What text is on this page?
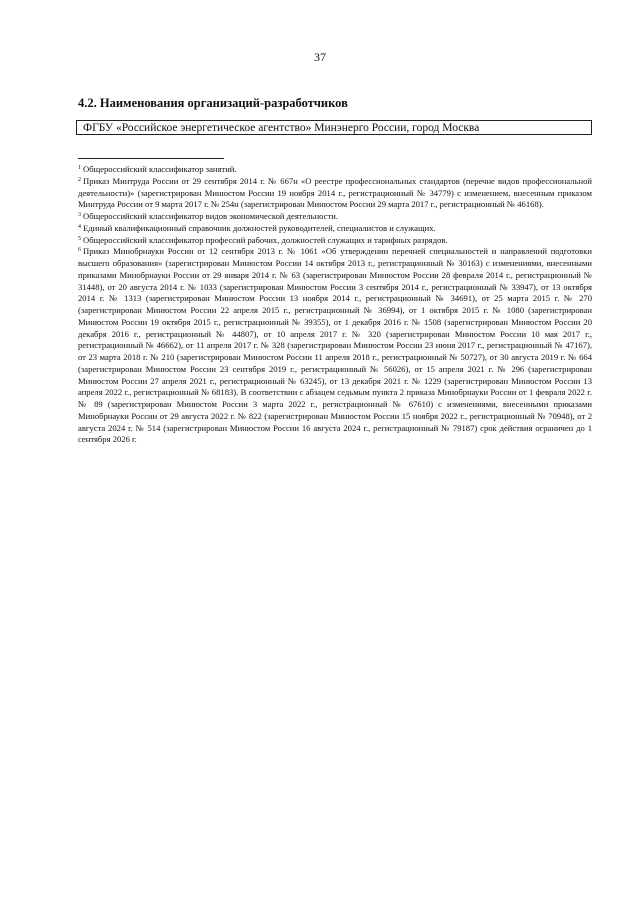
37
4.2. Наименования организаций-разработчиков
ФГБУ «Российское энергетическое агентство» Минэнерго России, город Москва

$^1$ Общероссийский классификатор занятий.

$^2$ Приказ Минтруда России от 29 сентября 2014 г. № 667н «О реестре профессиональных стандартов (перечне видов профессиональной деятельности)» (зарегистрирован Минюстом России 19 ноября 2014 г., регистрационный № 34779) с изменением, внесенным приказом Минтруда России от 9 марта 2017 г. № 254н (зарегистрирован Минюстом России 29 марта 2017 г., регистрационный № 46168).

$^3$ Общероссийский классификатор видов экономической деятельности.

$^4$ Единый квалификационный справочник должностей руководителей, специалистов и служащих.

$^5$ Общероссийский классификатор профессий рабочих, должностей служащих и тарифных разрядов.

$^6$ Приказ Минобрнауки России от 12 сентября 2013 г. № 1061 «Об утверждении перечней специальностей и направлений подготовки высшего образования» (зарегистрирован Минюстом России 14 октября 2013 г., регистрационный № 30163) с изменениями, внесенными приказами Минобрнауки России от 29 января 2014 г. № 63 (зарегистрирован Минюстом России 28 февраля 2014 г., регистрационный № 31448), от 20 августа 2014 г. № 1033 (зарегистрирован Минюстом России 3 сентября 2014 г., регистрационный № 33947), от 13 октября 2014 г. № 1313 (зарегистрирован Минюстом России 13 ноября 2014 г., регистрационный № 34691), от 25 марта 2015 г. № 270 (зарегистрирован Минюстом России 22 апреля 2015 г., регистрационный № 36994), от 1 октября 2015 г. № 1080 (зарегистрирован Минюстом России 19 октября 2015 г., регистрационный № 39355), от 1 декабря 2016 г. № 1508 (зарегистрирован Минюстом России 20 декабря 2016 г., регистрационный № 44807), от 10 апреля 2017 г. № 320 (зарегистрирован Минюстом России 10 мая 2017 г., регистрационный № 46662), от 11 апреля 2017 г. № 328 (зарегистрирован Минюстом России 23 июня 2017 г., регистрационный № 47167), от 23 марта 2018 г. № 210 (зарегистрирован Минюстом России 11 апреля 2018 г., регистрационный № 50727), от 30 августа 2019 г. № 664 (зарегистрирован Минюстом России 23 сентября 2019 г., регистрационный № 56026), от 15 апреля 2021 г. № 296 (зарегистрирован Минюстом России 27 апреля 2021 г., регистрационный № 63245), от 13 декабря 2021 г. № 1229 (зарегистрирован Минюстом России 13 апреля 2022 г., регистрационный № 68183). В соответствии с абзацем седьмым пункта 2 приказа Минобрнауки России от 1 февраля 2022 г. № 89 (зарегистрирован Минюстом России 3 марта 2022 г., регистрационный № 67610) с изменениями, внесенными приказами Минобрнауки России от 29 августа 2022 г. № 822 (зарегистрирован Минюстом России 15 ноября 2022 г., регистрационный № 70948), от 2 августа 2024 г. № 514 (зарегистрирован Минюстом России 16 августа 2024 г., регистрационный № 79187) срок действия ограничен до 1 сентября 2026 г.
